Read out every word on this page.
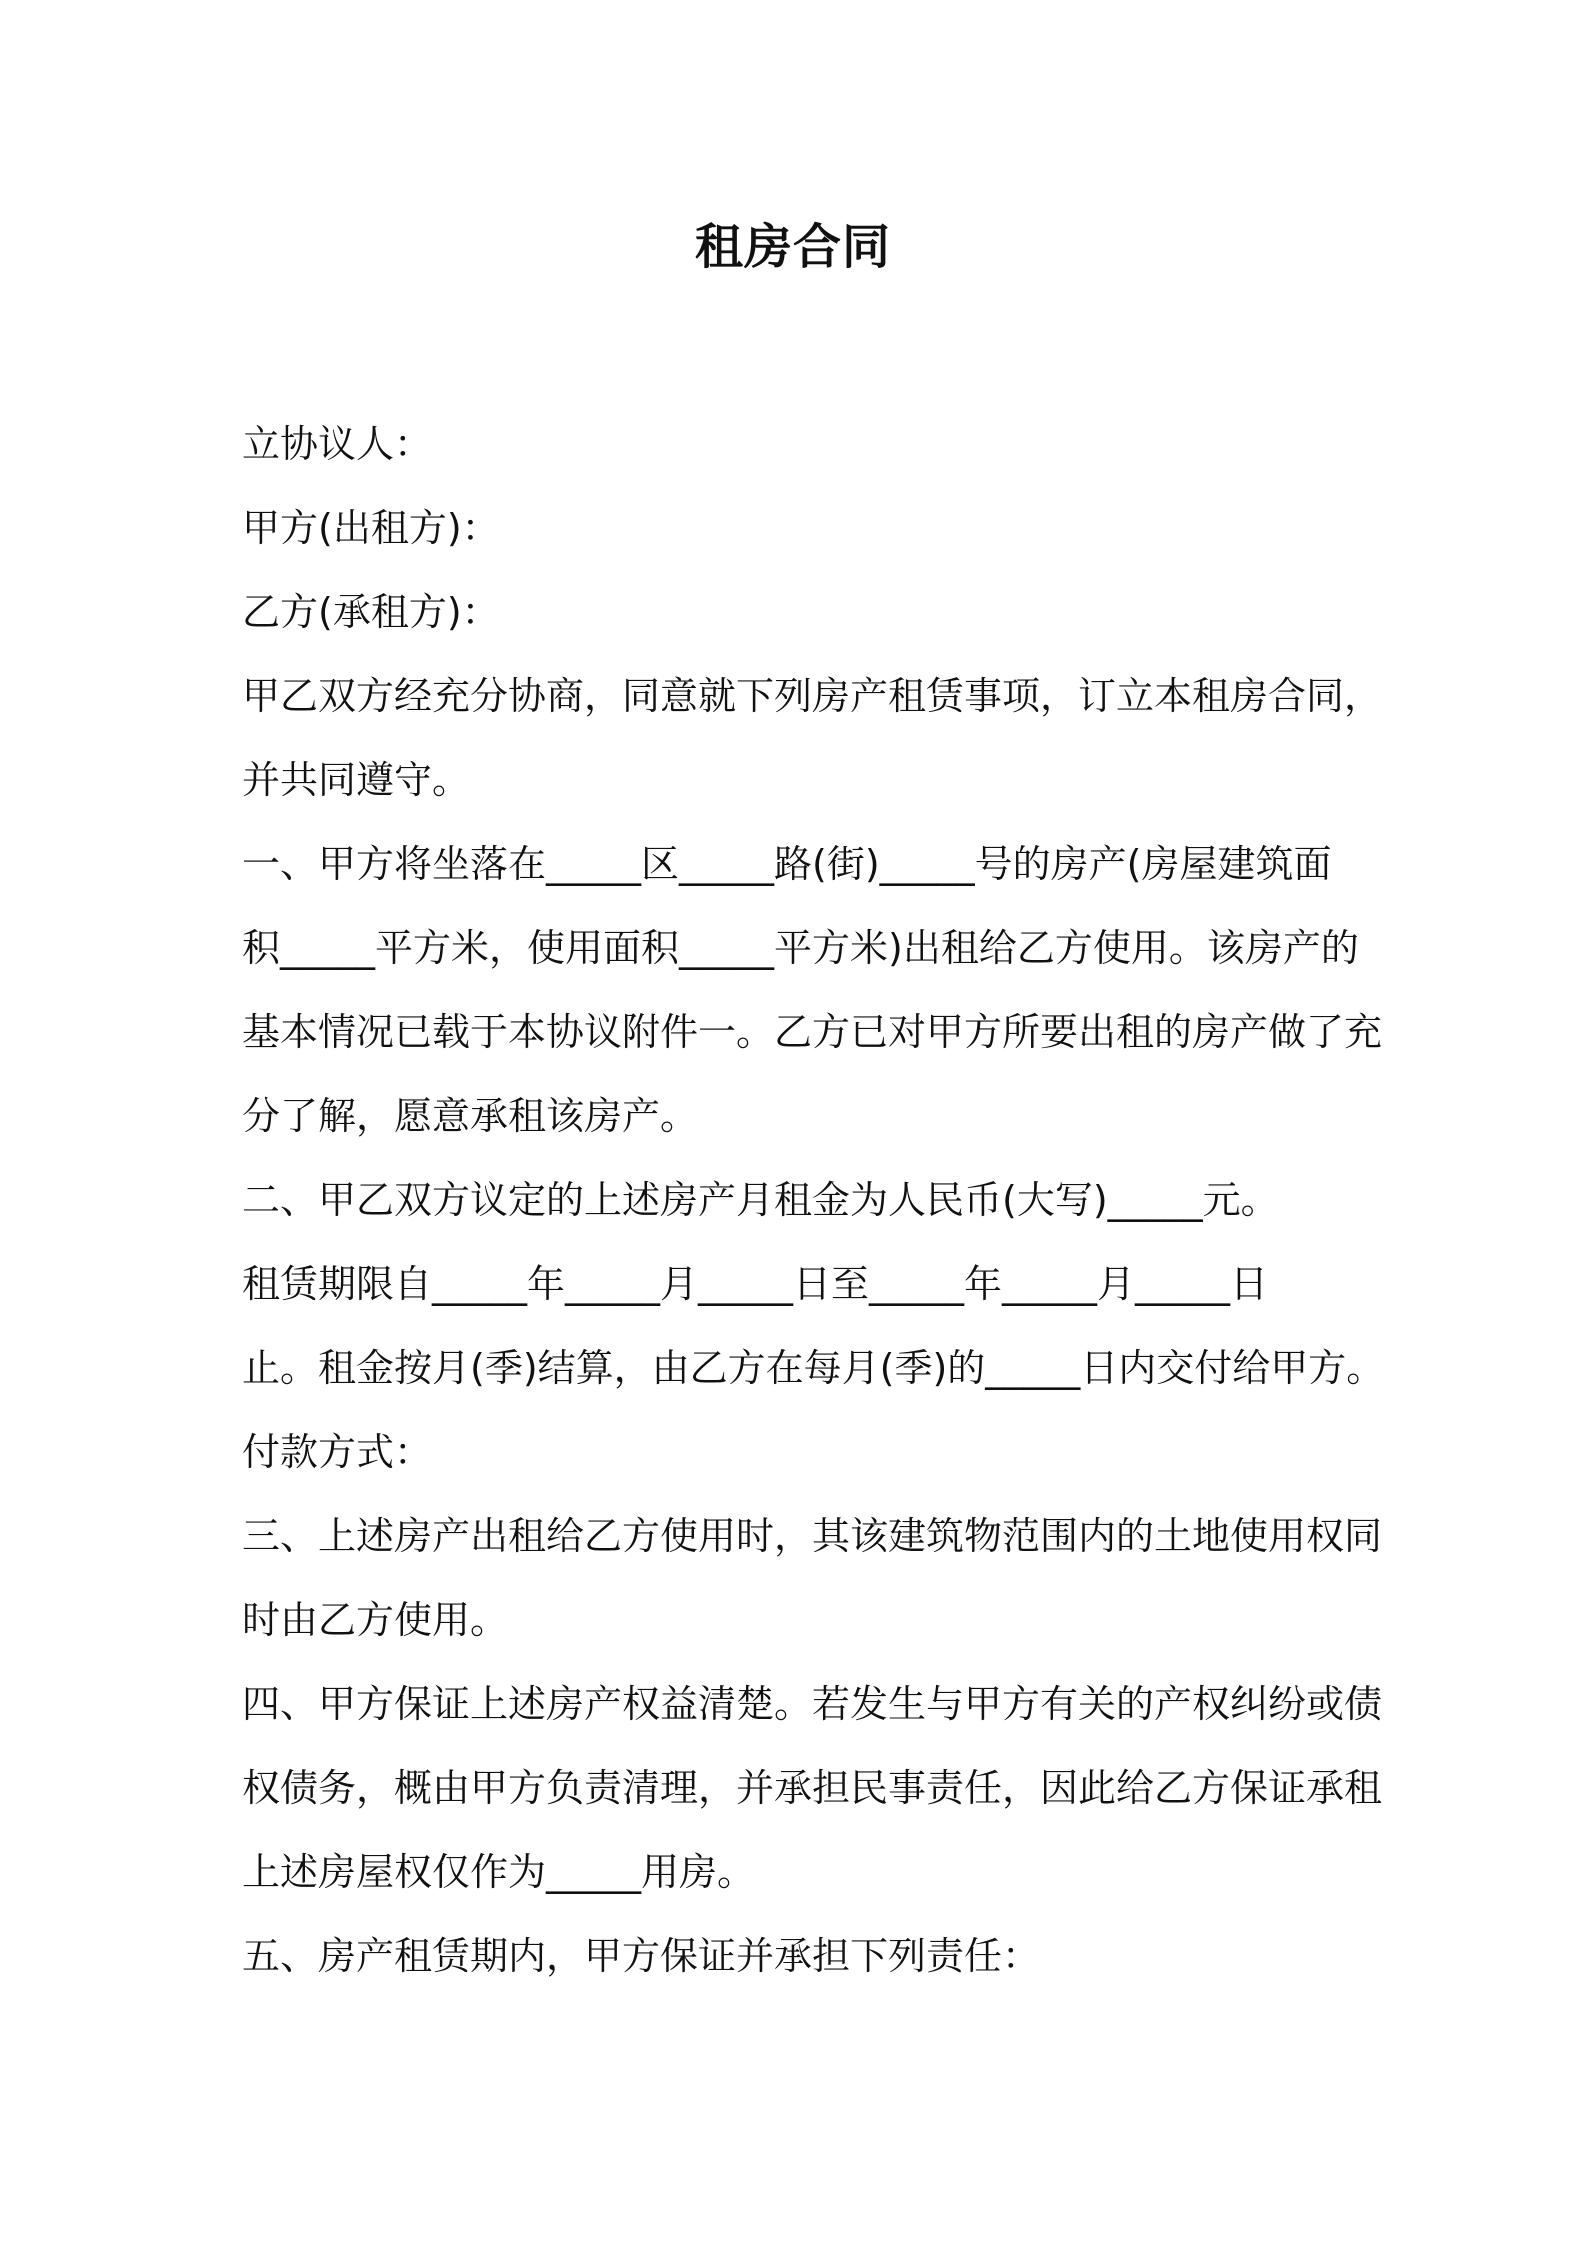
租房合同
立协议人：
甲方(出租方)：
乙方(承租方)：
甲乙双方经充分协商，同意就下列房产租赁事项，订立本租房合同，
并共同遵守。
一、甲方将坐落在_____区_____路(街)_____号的房产(房屋建筑面
积_____平方米，使用面积_____平方米)出租给乙方使用。该房产的
基本情况已载于本协议附件一。乙方已对甲方所要出租的房产做了充
分了解，愿意承租该房产。
二、甲乙双方议定的上述房产月租金为人民币(大写)_____元。
租赁期限自_____年_____月_____日至_____年_____月_____日
止。租金按月(季)结算，由乙方在每月(季)的_____日内交付给甲方。
付款方式：
三、上述房产出租给乙方使用时，其该建筑物范围内的土地使用权同
时由乙方使用。
四、甲方保证上述房产权益清楚。若发生与甲方有关的产权纠纷或债
权债务，概由甲方负责清理，并承担民事责任，因此给乙方保证承租
上述房屋权仅作为_____用房。
五、房产租赁期内，甲方保证并承担下列责任：
